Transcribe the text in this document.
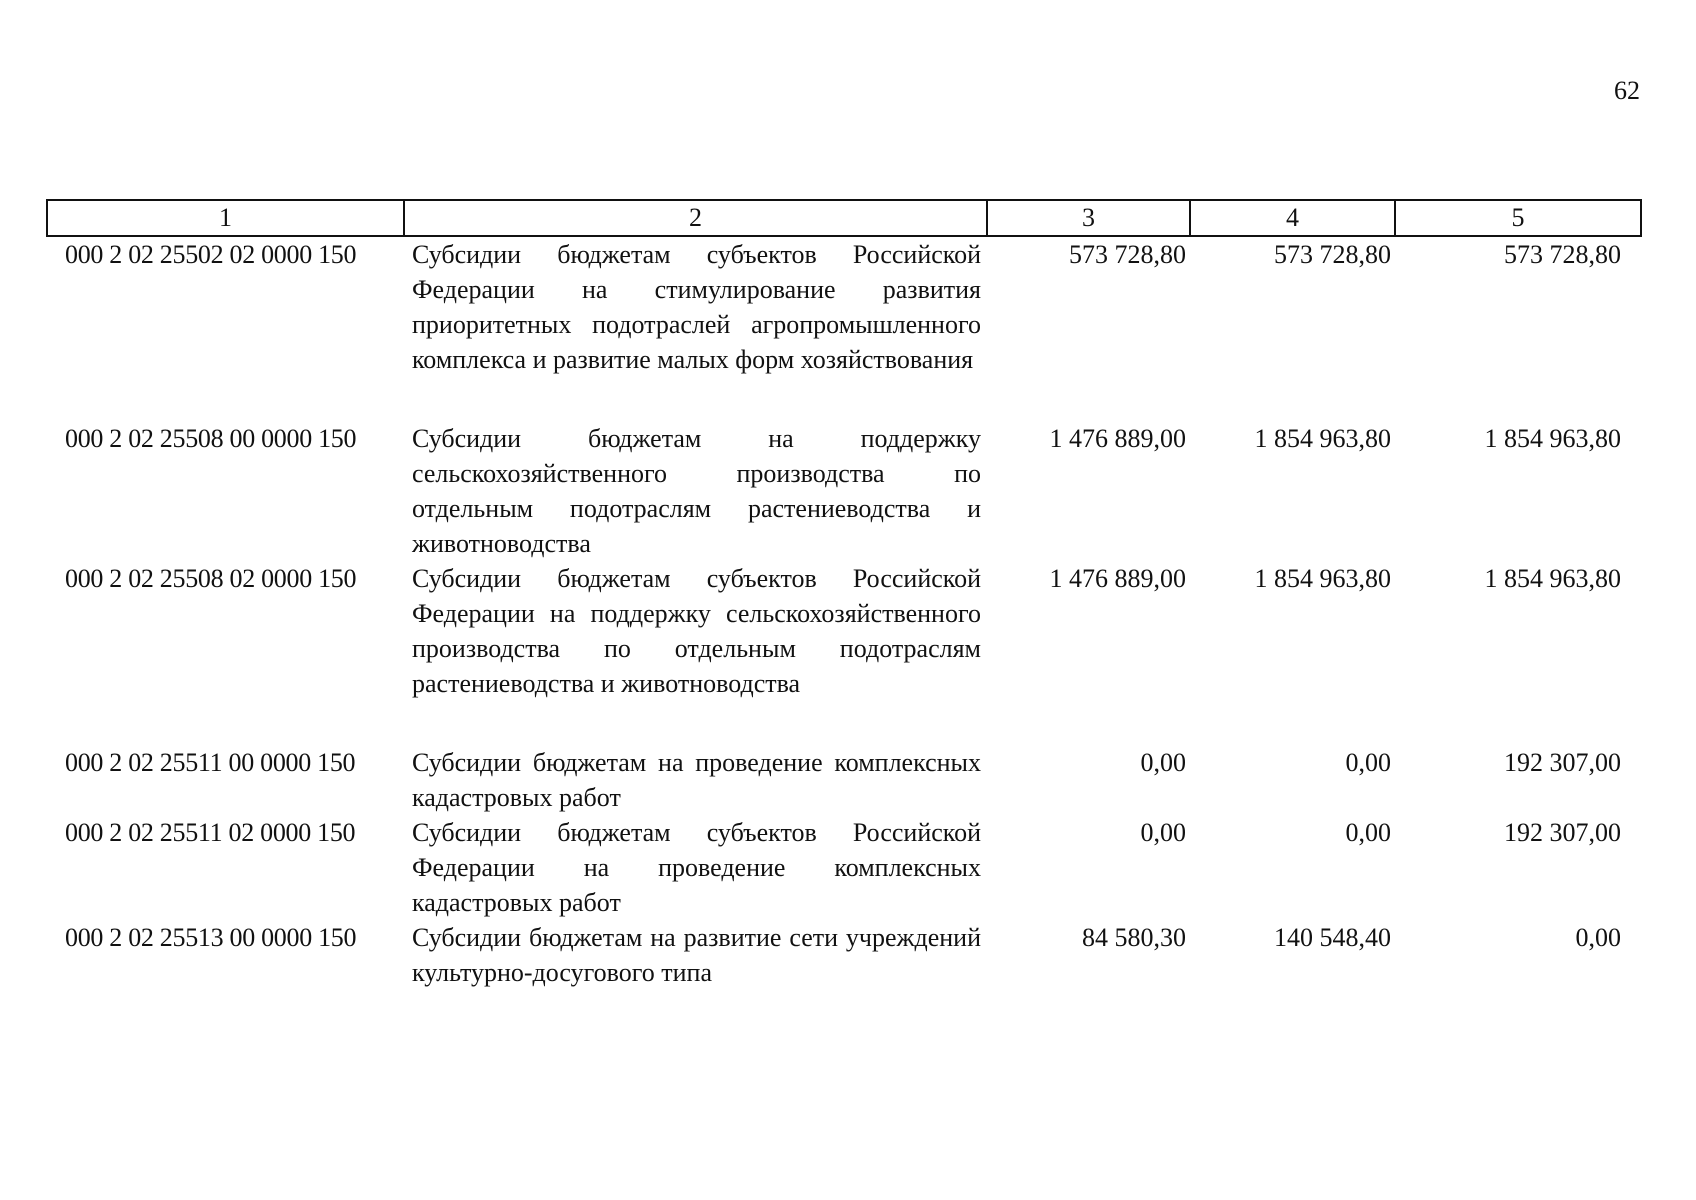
62
1	2	3	4	5
000 2 02 25502 02 0000 150	Субсидии бюджетам субъектов Российской Федерации на стимулирование развития приоритетных подотраслей агропромышленного комплекса и развитие малых форм хозяйствования	573 728,80	573 728,80	573 728,80
000 2 02 25508 00 0000 150	Субсидии бюджетам на поддержку сельскохозяйственного производства по отдельным подотраслям растениеводства и животноводства	1 476 889,00	1 854 963,80	1 854 963,80
000 2 02 25508 02 0000 150	Субсидии бюджетам субъектов Российской Федерации на поддержку сельскохозяйственного производства по отдельным подотраслям растениеводства и животноводства	1 476 889,00	1 854 963,80	1 854 963,80
000 2 02 25511 00 0000 150	Субсидии бюджетам на проведение комплексных кадастровых работ	0,00	0,00	192 307,00
000 2 02 25511 02 0000 150	Субсидии бюджетам субъектов Российской Федерации на проведение комплексных кадастровых работ	0,00	0,00	192 307,00
000 2 02 25513 00 0000 150	Субсидии бюджетам на развитие сети учреждений культурно-досугового типа	84 580,30	140 548,40	0,00
